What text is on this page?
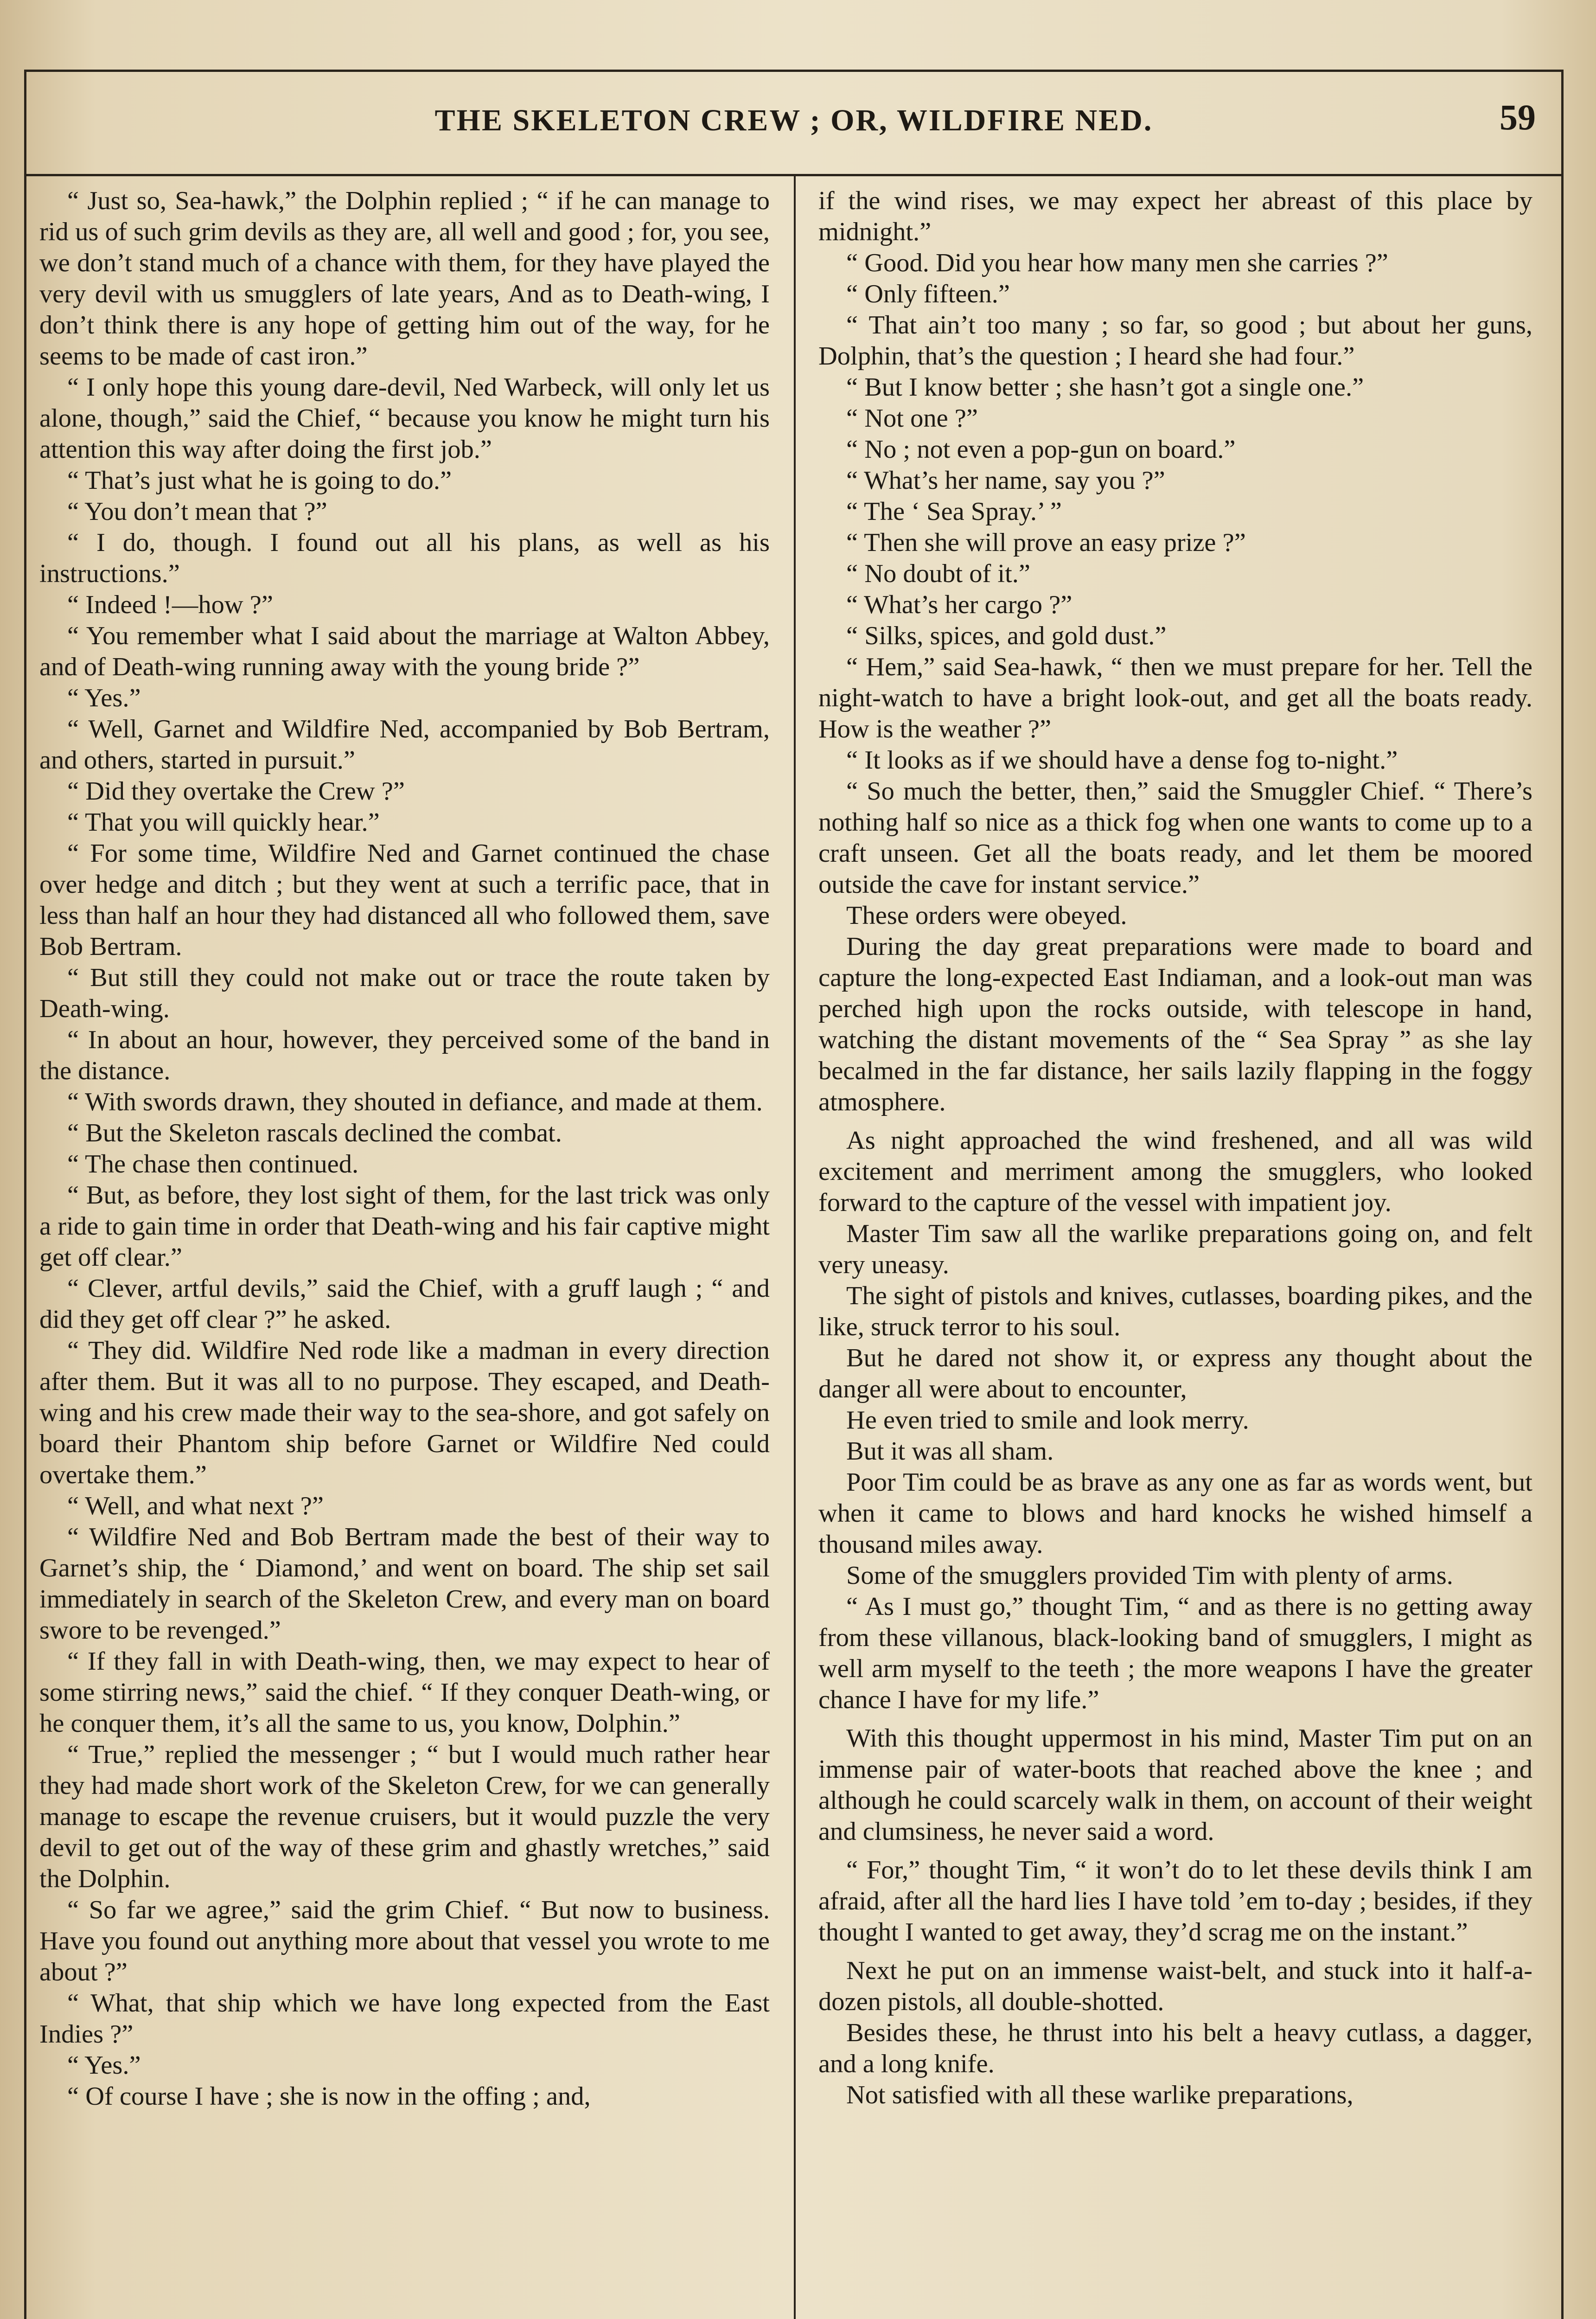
THE SKELETON CREW ; OR, WILDFIRE NED.	59

“ Just so, Sea-hawk,” the Dolphin replied ; “ if he can manage to rid us of such grim devils as they are, all well and good ; for, you see, we don’t stand much of a chance with them, for they have played the very devil with us smugglers of late years, And as to Death-wing, I don’t think there is any hope of getting him out of the way, for he seems to be made of cast iron.”

“ I only hope this young dare-devil, Ned Warbeck, will only let us alone, though,” said the Chief, “ because you know he might turn his attention this way after doing the first job.”

“ That’s just what he is going to do.”

“ You don’t mean that ?”

“ I do, though. I found out all his plans, as well as his instructions.”

“ Indeed !—how ?”

“ You remember what I said about the marriage at Walton Abbey, and of Death-wing running away with the young bride ?”

“ Yes.”

“ Well, Garnet and Wildfire Ned, accompanied by Bob Bertram, and others, started in pursuit.”

“ Did they overtake the Crew ?”

“ That you will quickly hear.”

“ For some time, Wildfire Ned and Garnet continued the chase over hedge and ditch ; but they went at such a terrific pace, that in less than half an hour they had distanced all who followed them, save Bob Bertram.

“ But still they could not make out or trace the route taken by Death-wing.

“ In about an hour, however, they perceived some of the band in the distance.

“ With swords drawn, they shouted in defiance, and made at them.

“ But the Skeleton rascals declined the combat.

“ The chase then continued.

“ But, as before, they lost sight of them, for the last trick was only a ride to gain time in order that Death-wing and his fair captive might get off clear.”

“ Clever, artful devils,” said the Chief, with a gruff laugh ; “ and did they get off clear ?” he asked.

“ They did. Wildfire Ned rode like a madman in every direction after them. But it was all to no purpose. They escaped, and Death-wing and his crew made their way to the sea-shore, and got safely on board their Phantom ship before Garnet or Wildfire Ned could overtake them.”

“ Well, and what next ?”

“ Wildfire Ned and Bob Bertram made the best of their way to Garnet’s ship, the ‘ Diamond,’ and went on board. The ship set sail immediately in search of the Skeleton Crew, and every man on board swore to be revenged.”

“ If they fall in with Death-wing, then, we may expect to hear of some stirring news,” said the chief. “ If they conquer Death-wing, or he conquer them, it’s all the same to us, you know, Dolphin.”

“ True,” replied the messenger ; “ but I would much rather hear they had made short work of the Skeleton Crew, for we can generally manage to escape the revenue cruisers, but it would puzzle the very devil to get out of the way of these grim and ghastly wretches,” said the Dolphin.

“ So far we agree,” said the grim Chief. “ But now to business. Have you found out anything more about that vessel you wrote to me about ?”

“ What, that ship which we have long expected from the East Indies ?”

“ Yes.”

“ Of course I have ; she is now in the offing ; and,

if the wind rises, we may expect her abreast of this place by midnight.”

“ Good. Did you hear how many men she carries ?”

“ Only fifteen.”

“ That ain’t too many ; so far, so good ; but about her guns, Dolphin, that’s the question ; I heard she had four.”

“ But I know better ; she hasn’t got a single one.”

“ Not one ?”

“ No ; not even a pop-gun on board.”

“ What’s her name, say you ?”

“ The ‘ Sea Spray.’ ”

“ Then she will prove an easy prize ?”

“ No doubt of it.”

“ What’s her cargo ?”

“ Silks, spices, and gold dust.”

“ Hem,” said Sea-hawk, “ then we must prepare for her. Tell the night-watch to have a bright look-out, and get all the boats ready. How is the weather ?”

“ It looks as if we should have a dense fog to-night.”

“ So much the better, then,” said the Smuggler Chief. “ There’s nothing half so nice as a thick fog when one wants to come up to a craft unseen. Get all the boats ready, and let them be moored outside the cave for instant service.”

These orders were obeyed.

During the day great preparations were made to board and capture the long-expected East Indiaman, and a look-out man was perched high upon the rocks outside, with telescope in hand, watching the distant movements of the “ Sea Spray ” as she lay becalmed in the far distance, her sails lazily flapping in the foggy atmosphere.

As night approached the wind freshened, and all was wild excitement and merriment among the smugglers, who looked forward to the capture of the vessel with impatient joy.

Master Tim saw all the warlike preparations going on, and felt very uneasy.

The sight of pistols and knives, cutlasses, boarding pikes, and the like, struck terror to his soul.

But he dared not show it, or express any thought about the danger all were about to encounter,

He even tried to smile and look merry.

But it was all sham.

Poor Tim could be as brave as any one as far as words went, but when it came to blows and hard knocks he wished himself a thousand miles away.

Some of the smugglers provided Tim with plenty of arms.

“ As I must go,” thought Tim, “ and as there is no getting away from these villanous, black-looking band of smugglers, I might as well arm myself to the teeth ; the more weapons I have the greater chance I have for my life.”

With this thought uppermost in his mind, Master Tim put on an immense pair of water-boots that reached above the knee ; and although he could scarcely walk in them, on account of their weight and clumsiness, he never said a word.

“ For,” thought Tim, “ it won’t do to let these devils think I am afraid, after all the hard lies I have told ’em to-day ; besides, if they thought I wanted to get away, they’d scrag me on the instant.”

Next he put on an immense waist-belt, and stuck into it half-a-dozen pistols, all double-shotted.

Besides these, he thrust into his belt a heavy cutlass, a dagger, and a long knife.

Not satisfied with all these warlike preparations,
